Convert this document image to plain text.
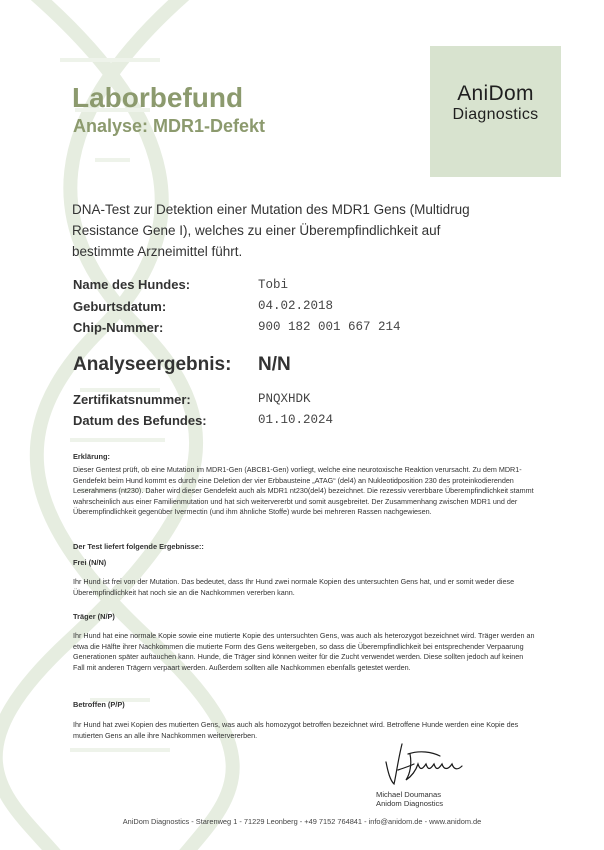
AniDom
Diagnostics
Laborbefund
Analyse: MDR1-Defekt
DNA-Test zur Detektion einer Mutation des MDR1 Gens (Multidrug Resistance Gene I), welches zu einer Überempfindlichkeit auf bestimmte Arzneimittel führt.
Name des Hundes:	Tobi
Geburtsdatum:	04.02.2018
Chip-Nummer:	900 182 001 667 214
Analyseergebnis: N/N
Zertifikatsnummer:	PNQXHDK
Datum des Befundes:	01.10.2024
Erklärung:
Dieser Gentest prüft, ob eine Mutation im MDR1-Gen (ABCB1-Gen) vorliegt, welche eine neurotoxische Reaktion verursacht. Zu dem MDR1-Gendefekt beim Hund kommt es durch eine Deletion der vier Erbbausteine „ATAG“ (del4) an Nukleotidposition 230 des proteinkodierenden Leserahmens (nt230). Daher wird dieser Gendefekt auch als MDR1 nt230(del4) bezeichnet. Die rezessiv vererbbare Überempfindlichkeit stammt wahrscheinlich aus einer Familienmutation und hat sich weitervererbt und somit ausgebreitet. Der Zusammenhang zwischen MDR1 und der Überempfindlichkeit gegenüber Ivermectin (und ihm ähnliche Stoffe) wurde bei mehreren Rassen nachgewiesen.
Der Test liefert folgende Ergebnisse::
Frei (N/N)
Ihr Hund ist frei von der Mutation. Das bedeutet, dass Ihr Hund zwei normale Kopien des untersuchten Gens hat, und er somit weder diese Überempfindlichkeit hat noch sie an die Nachkommen vererben kann.
Träger (N/P)
Ihr Hund hat eine normale Kopie sowie eine mutierte Kopie des untersuchten Gens, was auch als heterozygot bezeichnet wird. Träger werden an etwa die Hälfte ihrer Nachkommen die mutierte Form des Gens weitergeben, so dass die Überempfindlichkeit bei entsprechender Verpaarung Generationen später auftauchen kann. Hunde, die Träger sind können weiter für die Zucht verwendet werden. Diese sollten jedoch auf keinen Fall mit anderen Trägern verpaart werden. Außerdem sollten alle Nachkommen ebenfalls getestet werden.
Betroffen (P/P)
Ihr Hund hat zwei Kopien des mutierten Gens, was auch als homozygot betroffen bezeichnet wird. Betroffene Hunde werden eine Kopie des mutierten Gens an alle ihre Nachkommen weitervererben.
Michael Doumanas
Anidom Diagnostics
AniDom Diagnostics - Starenweg 1 - 71229 Leonberg - +49 7152 764841 - info@anidom.de - www.anidom.de
